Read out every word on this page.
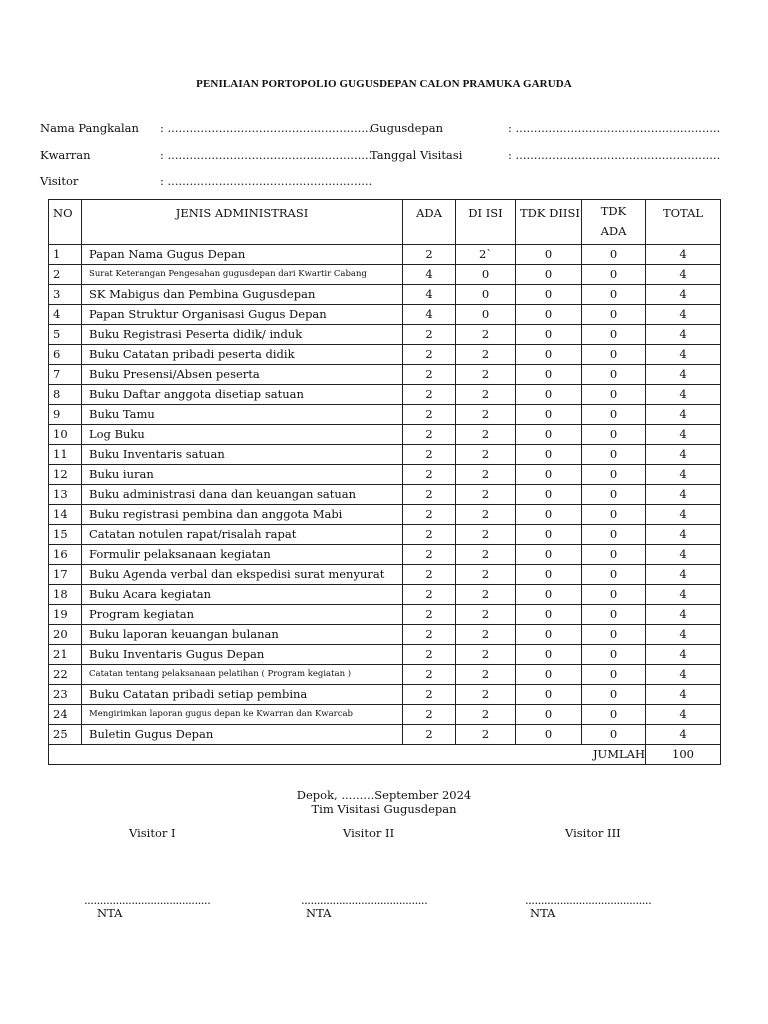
PENILAIAN PORTOPOLIO GUGUSDEPAN CALON PRAMUKA GARUDA
Nama Pangkalan : ........................................................
Gugusdepan	: ........................................................
Kwarran	: ........................................................
Tanggal Visitasi	: ........................................................
Visitor	: ........................................................
NO	JENIS ADMINISTRASI	ADA	DI ISI	TDK DIISI	TDK
ADA	TOTAL
1	Papan Nama Gugus Depan	2	2`	0	0	4
2	Surat Keterangan Pengesahan gugusdepan dari Kwartir Cabang	4	0	0	0	4
3	SK Mabigus dan Pembina Gugusdepan	4	0	0	0	4
4	Papan Struktur Organisasi Gugus Depan	4	0	0	0	4
5	Buku Registrasi Peserta didik/ induk	2	2	0	0	4
6	Buku Catatan pribadi peserta didik	2	2	0	0	4
7	Buku Presensi/Absen peserta	2	2	0	0	4
8	Buku Daftar anggota disetiap satuan	2	2	0	0	4
9	Buku Tamu	2	2	0	0	4
10	Log Buku	2	2	0	0	4
11	Buku Inventaris satuan	2	2	0	0	4
12	Buku iuran	2	2	0	0	4
13	Buku administrasi dana dan keuangan satuan	2	2	0	0	4
14	Buku registrasi pembina dan anggota Mabi	2	2	0	0	4
15	Catatan notulen rapat/risalah rapat	2	2	0	0	4
16	Formulir pelaksanaan kegiatan	2	2	0	0	4
17	Buku Agenda verbal dan ekspedisi surat menyurat	2	2	0	0	4
18	Buku Acara kegiatan	2	2	0	0	4
19	Program kegiatan	2	2	0	0	4
20	Buku laporan keuangan bulanan	2	2	0	0	4
21	Buku Inventaris Gugus Depan	2	2	0	0	4
22	Catatan tentang pelaksanaan pelatihan ( Program kegiatan )	2	2	0	0	4
23	Buku Catatan pribadi setiap pembina	2	2	0	0	4
24	Mengirimkan laporan gugus depan ke Kwarran dan Kwarcab	2	2	0	0	4
25	Buletin Gugus Depan	2	2	0	0	4
JUMLAH						100
Depok, .........September 2024
Tim Visitasi Gugusdepan
Visitor I	Visitor II	Visitor III
........................................	........................................	........................................
NTA	NTA	NTA
